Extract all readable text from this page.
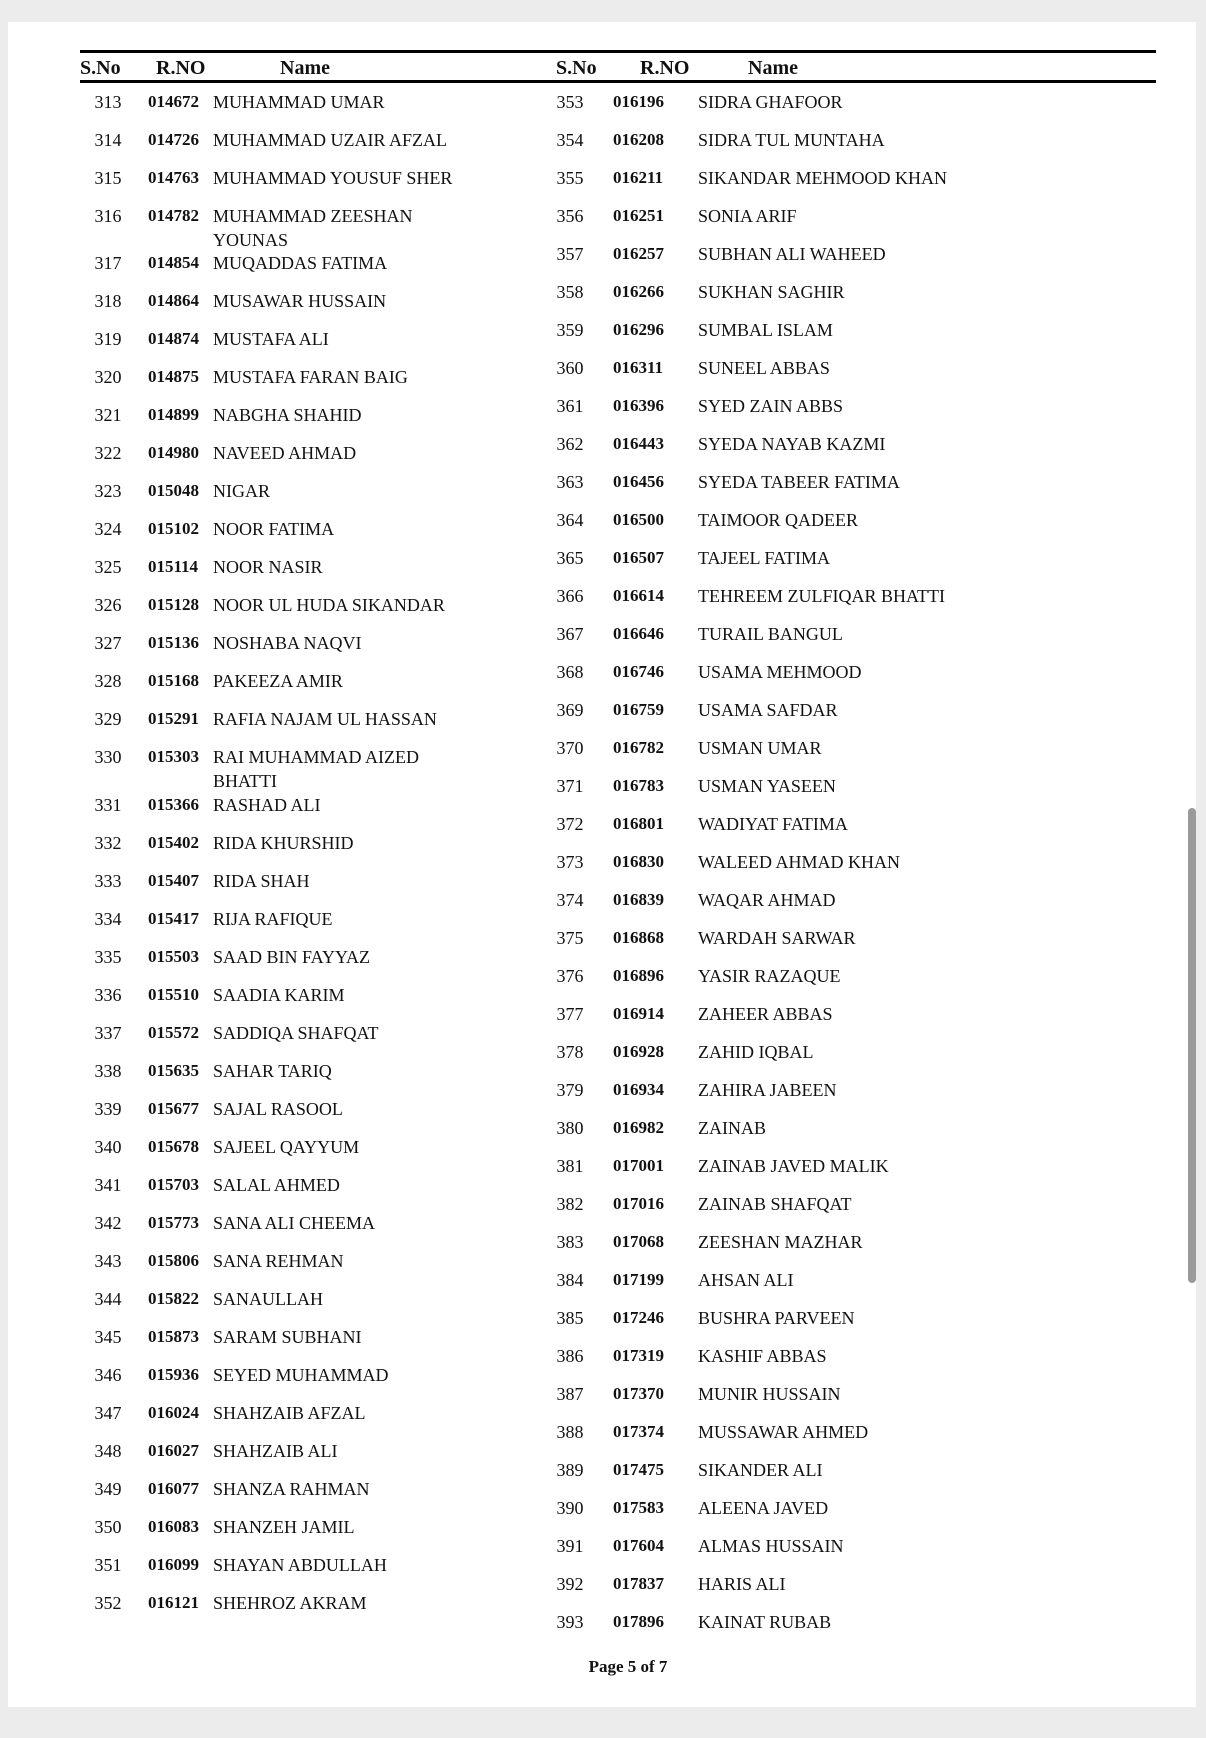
S.No R.NO	Name	S.No R.NO	Name
313	014672 MUHAMMAD UMAR
314	014726 MUHAMMAD UZAIR AFZAL
315	014763 MUHAMMAD YOUSUF SHER
316	014782 MUHAMMAD ZEESHAN YOUNAS
317	014854 MUQADDAS FATIMA
318	014864 MUSAWAR HUSSAIN
319	014874 MUSTAFA ALI
320	014875 MUSTAFA FARAN BAIG
321	014899 NABGHA SHAHID
322	014980 NAVEED AHMAD
323	015048 NIGAR
324	015102 NOOR FATIMA
325	015114 NOOR NASIR
326	015128 NOOR UL HUDA SIKANDAR
327	015136 NOSHABA NAQVI
328	015168 PAKEEZA AMIR
329	015291 RAFIA NAJAM UL HASSAN
330	015303 RAI MUHAMMAD AIZED BHATTI
331	015366 RASHAD ALI
332	015402 RIDA KHURSHID
333	015407 RIDA SHAH
334	015417 RIJA RAFIQUE
335	015503 SAAD BIN FAYYAZ
336	015510 SAADIA KARIM
337	015572 SADDIQA SHAFQAT
338	015635 SAHAR TARIQ
339	015677 SAJAL RASOOL
340	015678 SAJEEL QAYYUM
341	015703 SALAL AHMED
342	015773 SANA ALI CHEEMA
343	015806 SANA REHMAN
344	015822 SANAULLAH
345	015873 SARAM SUBHANI
346	015936 SEYED MUHAMMAD
347	016024 SHAHZAIB AFZAL
348	016027 SHAHZAIB ALI
349	016077 SHANZA RAHMAN
350	016083 SHANZEH JAMIL
351	016099 SHAYAN ABDULLAH
352	016121 SHEHROZ AKRAM
353	016196 SIDRA GHAFOOR
354	016208 SIDRA TUL MUNTAHA
355	016211 SIKANDAR MEHMOOD KHAN
356	016251 SONIA ARIF
357	016257 SUBHAN ALI WAHEED
358	016266 SUKHAN SAGHIR
359	016296 SUMBAL ISLAM
360	016311 SUNEEL ABBAS
361	016396 SYED ZAIN ABBS
362	016443 SYEDA NAYAB KAZMI
363	016456 SYEDA TABEER FATIMA
364	016500 TAIMOOR QADEER
365	016507 TAJEEL FATIMA
366	016614 TEHREEM ZULFIQAR BHATTI
367	016646 TURAIL BANGUL
368	016746 USAMA MEHMOOD
369	016759 USAMA SAFDAR
370	016782 USMAN UMAR
371	016783 USMAN YASEEN
372	016801 WADIYAT FATIMA
373	016830 WALEED AHMAD KHAN
374	016839 WAQAR AHMAD
375	016868 WARDAH SARWAR
376	016896 YASIR RAZAQUE
377	016914 ZAHEER ABBAS
378	016928 ZAHID IQBAL
379	016934 ZAHIRA JABEEN
380	016982 ZAINAB
381	017001 ZAINAB JAVED MALIK
382	017016 ZAINAB SHAFQAT
383	017068 ZEESHAN MAZHAR
384	017199 AHSAN ALI
385	017246 BUSHRA PARVEEN
386	017319 KASHIF ABBAS
387	017370 MUNIR HUSSAIN
388	017374 MUSSAWAR AHMED
389	017475 SIKANDER ALI
390	017583 ALEENA JAVED
391	017604 ALMAS HUSSAIN
392	017837 HARIS ALI
393	017896 KAINAT RUBAB
Page 5 of 7
